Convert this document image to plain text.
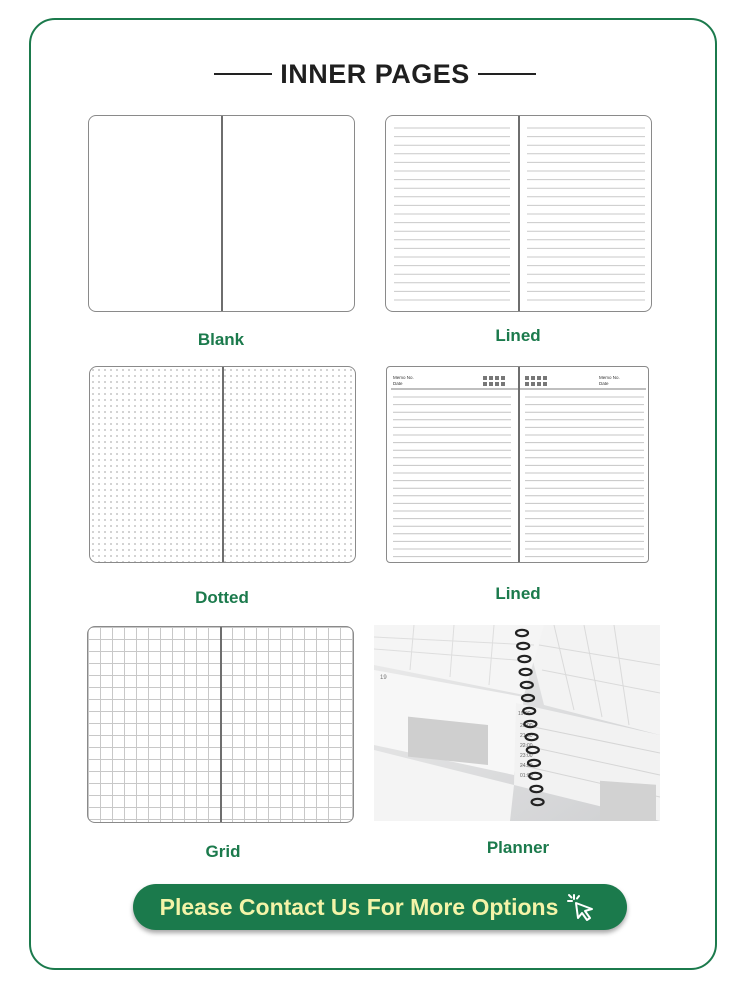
INNER PAGES
Blank	Lined
Dotted
Memo No.
Date
Memo No.
Date
Lined
Grid
19
19:00
20:00
21:00
22:00
23:00
24:00
01:00
Planner
Please Contact Us For More Options
